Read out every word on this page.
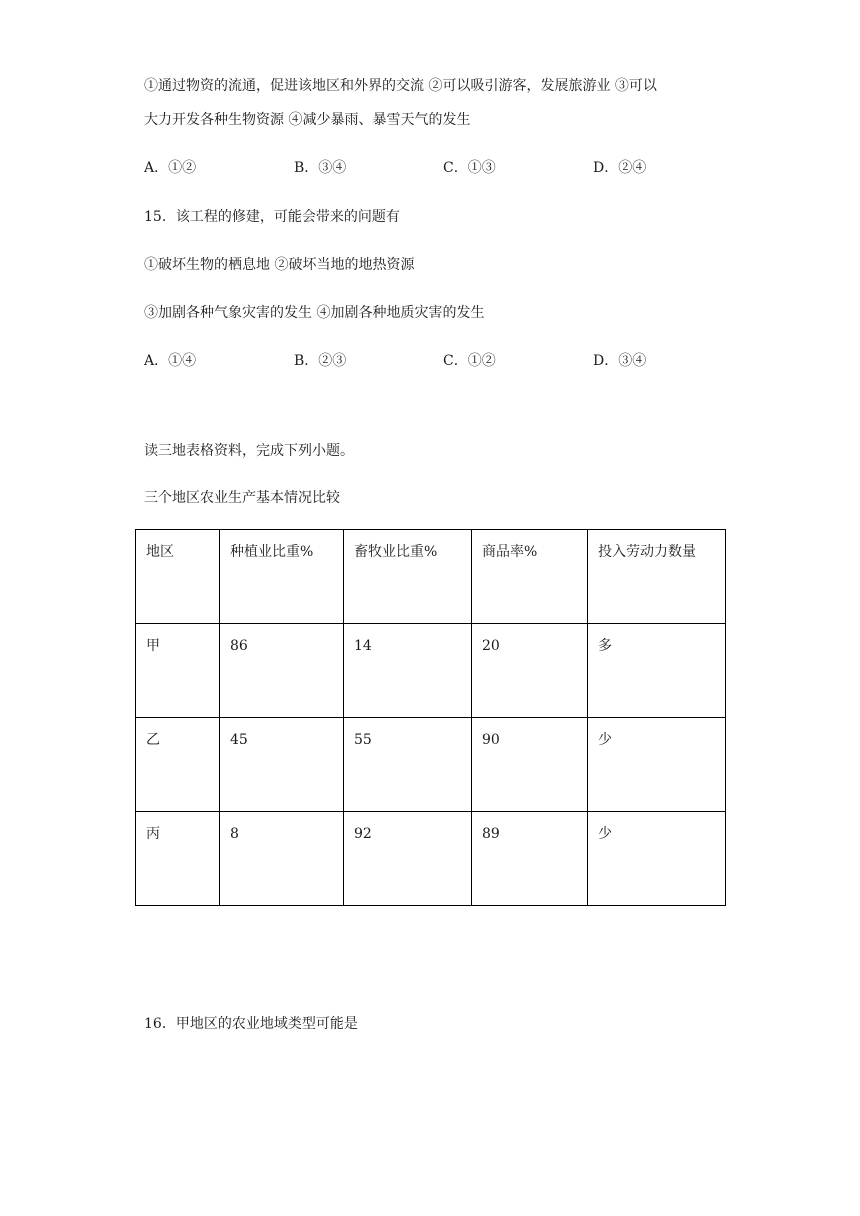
①通过物资的流通，促进该地区和外界的交流 ②可以吸引游客，发展旅游业 ③可以
大力开发各种生物资源 ④减少暴雨、暴雪天气的发生
A．①②	B．③④	C．①③	D．②④
15．该工程的修建，可能会带来的问题有
①破坏生物的栖息地 ②破坏当地的地热资源
③加剧各种气象灾害的发生 ④加剧各种地质灾害的发生
A．①④	B．②③	C．①②	D．③④
读三地表格资料，完成下列小题。
三个地区农业生产基本情况比较
地区	种植业比重%	畜牧业比重%	商品率%	投入劳动力数量
甲	86	14	20	多
乙	45	55	90	少
丙	8	92	89	少
16．甲地区的农业地域类型可能是
